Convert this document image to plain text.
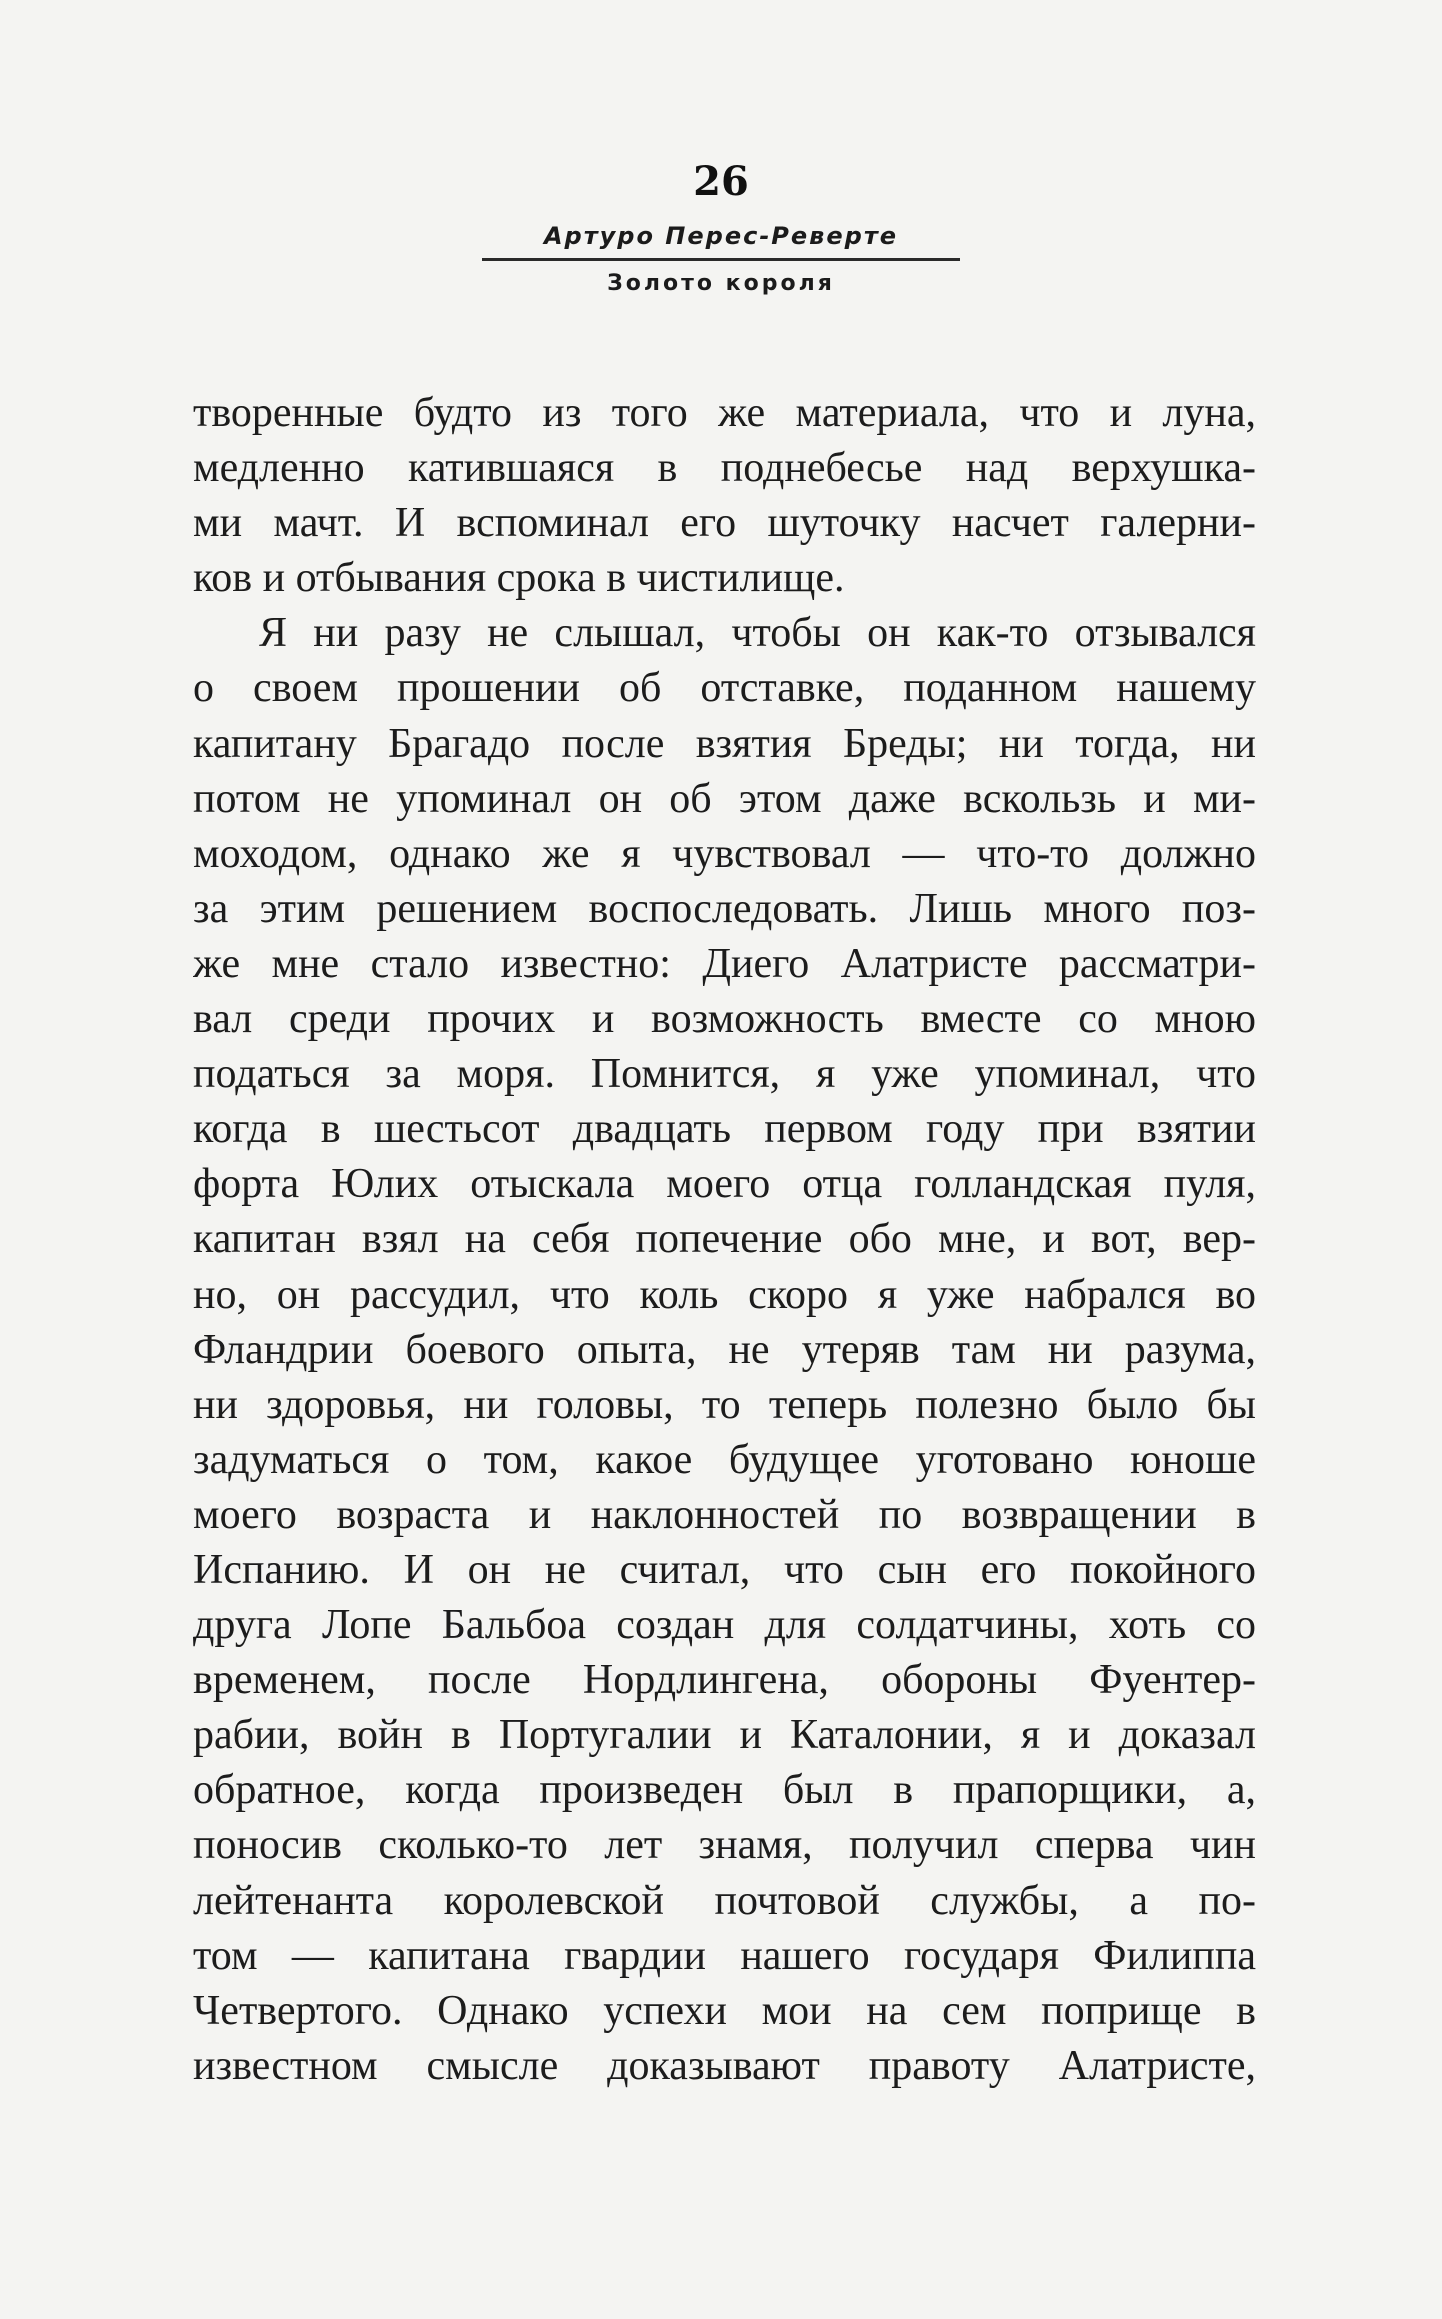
26
Артуро Перес-Реверте
Золото короля
творенные будто из того же материала, что и луна,
медленно катившаяся в поднебесье над верхушка-
ми мачт. И вспоминал его шуточку насчет галерни-
ков и отбывания срока в чистилище.
Я ни разу не слышал, чтобы он как-то отзывался
о своем прошении об отставке, поданном нашему
капитану Брагадо после взятия Бреды; ни тогда, ни
потом не упоминал он об этом даже вскользь и ми-
моходом, однако же я чувствовал — что-то должно
за этим решением воспоследовать. Лишь много поз-
же мне стало известно: Диего Алатристе рассматри-
вал среди прочих и возможность вместе со мною
податься за моря. Помнится, я уже упоминал, что
когда в шестьсот двадцать первом году при взятии
форта Юлих отыскала моего отца голландская пуля,
капитан взял на себя попечение обо мне, и вот, вер-
но, он рассудил, что коль скоро я уже набрался во
Фландрии боевого опыта, не утеряв там ни разума,
ни здоровья, ни головы, то теперь полезно было бы
задуматься о том, какое будущее уготовано юноше
моего возраста и наклонностей по возвращении в
Испанию. И он не считал, что сын его покойного
друга Лопе Бальбоа создан для солдатчины, хоть со
временем, после Нордлингена, обороны Фуентер-
рабии, войн в Португалии и Каталонии, я и доказал
обратное, когда произведен был в прапорщики, а,
поносив сколько-то лет знамя, получил сперва чин
лейтенанта королевской почтовой службы, а по-
том — капитана гвардии нашего государя Филиппа
Четвертого. Однако успехи мои на сем поприще в
известном смысле доказывают правоту Алатристе,
